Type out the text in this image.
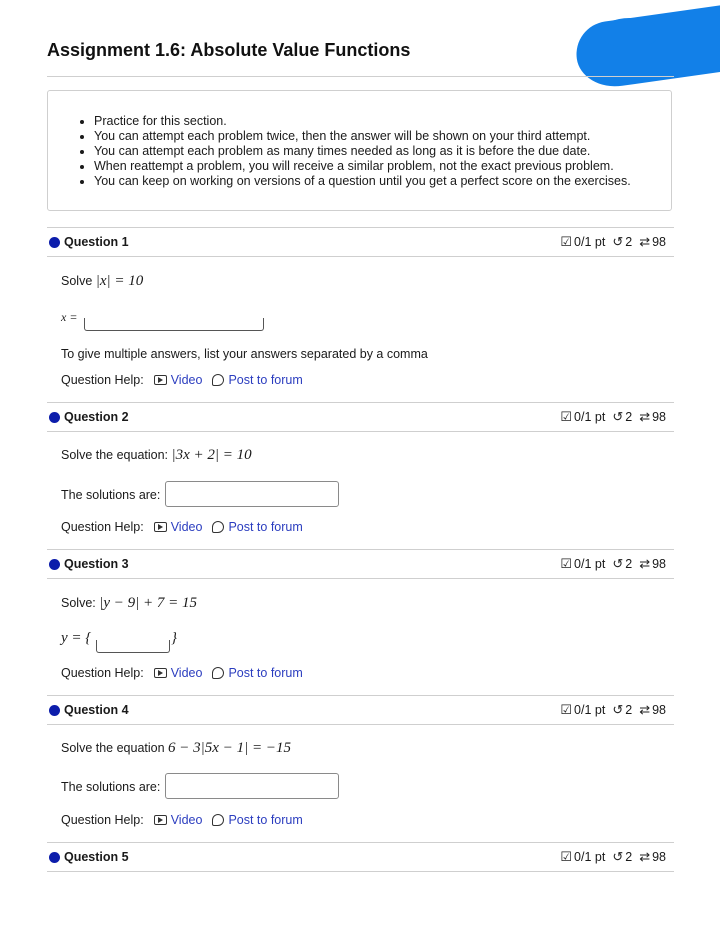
Assignment 1.6: Absolute Value Functions
• Practice for this section.
• You can attempt each problem twice, then the answer will be shown on your third attempt.
• You can attempt each problem as many times needed as long as it is before the due date.
• When reattempt a problem, you will receive a similar problem, not the exact previous problem.
• You can keep on working on versions of a question until you get a perfect score on the exercises.
Question 1	☑ 0/1 pt ↺ 2 ⇄ 98
Solve |x| = 10
x =
To give multiple answers, list your answers separated by a comma
Question Help: Video Post to forum
Question 2	☑ 0/1 pt ↺ 2 ⇄ 98
Solve the equation: |3x + 2| = 10
The solutions are:
Question Help: Video Post to forum
Question 3	☑ 0/1 pt ↺ 2 ⇄ 98
Solve: |y − 9| + 7 = 15
y = {	}
Question Help: Video Post to forum
Question 4	☑ 0/1 pt ↺ 2 ⇄ 98
Solve the equation 6 − 3|5x − 1| = −15
The solutions are:
Question Help: Video Post to forum
Question 5	☑ 0/1 pt ↺ 2 ⇄ 98
